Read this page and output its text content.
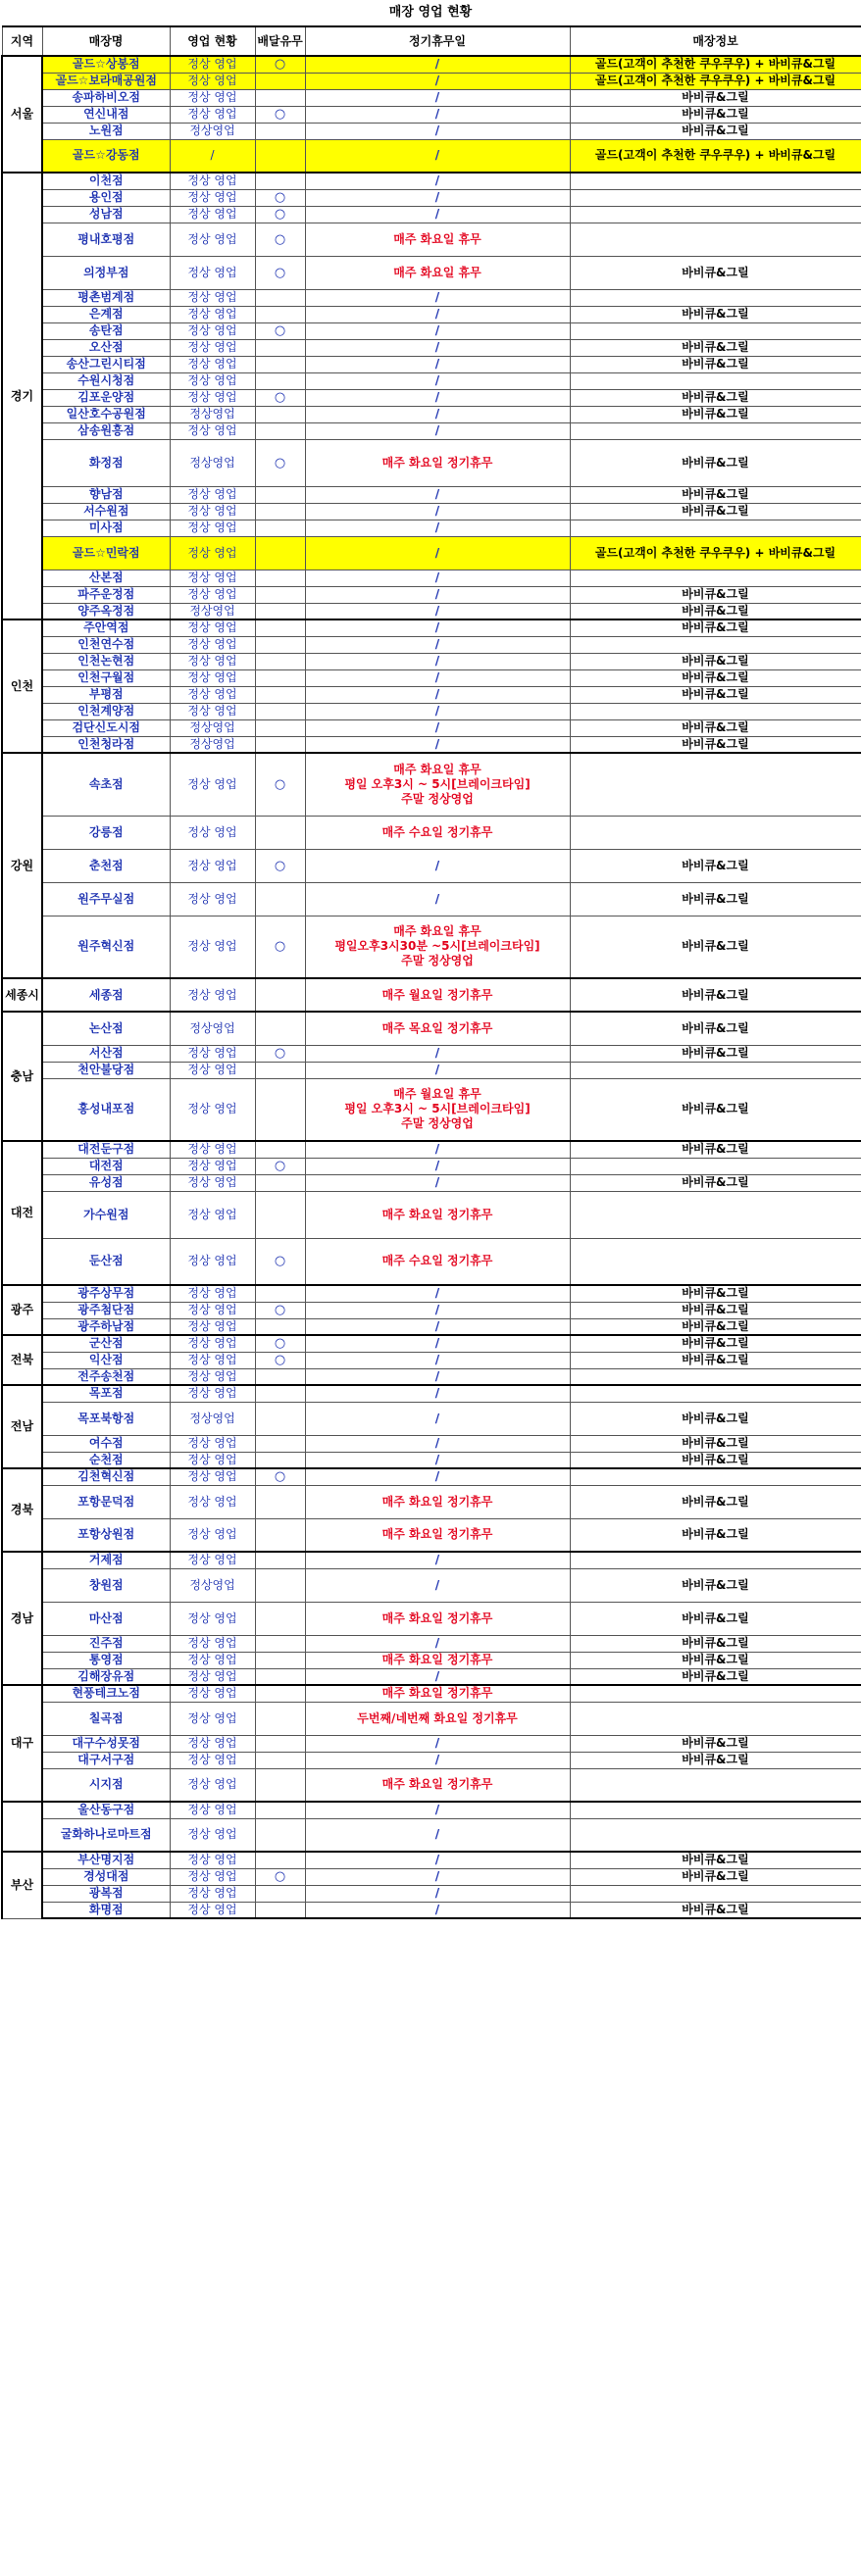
매장 영업 현황
지역	매장명	영업 현황	배달유무	정기휴무일	매장정보
서울	골드☆상봉점	정상 영업	○	/	골드(고객이 추천한 쿠우쿠우) + 바비큐&그릴
	골드☆보라매공원점	정상 영업		/	골드(고객이 추천한 쿠우쿠우) + 바비큐&그릴
	송파하비오점	정상 영업		/	바비큐&그릴
	연신내점	정상 영업	○	/	바비큐&그릴
	노원점	정상영업		/	바비큐&그릴
	골드☆강동점	/		/	골드(고객이 추천한 쿠우쿠우) + 바비큐&그릴
경기	이천점	정상 영업		/	
	용인점	정상 영업	○	/	
	성남점	정상 영업	○	/	
	평내호평점	정상 영업	○	매주 화요일 휴무	
	의정부점	정상 영업	○	매주 화요일 휴무	바비큐&그릴
	평촌범계점	정상 영업		/	
	은계점	정상 영업		/	바비큐&그릴
	송탄점	정상 영업	○	/	
	오산점	정상 영업		/	바비큐&그릴
	송산그린시티점	정상 영업		/	바비큐&그릴
	수원시청점	정상 영업		/	
	김포운양점	정상 영업	○	/	바비큐&그릴
	일산호수공원점	정상영업		/	바비큐&그릴
	삼송원흥점	정상 영업		/	
	화정점	정상영업	○	매주 화요일 정기휴무	바비큐&그릴
	향남점	정상 영업		/	바비큐&그릴
	서수원점	정상 영업		/	바비큐&그릴
	미사점	정상 영업		/	
	골드☆민락점	정상 영업		/	골드(고객이 추천한 쿠우쿠우) + 바비큐&그릴
	산본점	정상 영업		/	
	파주운정점	정상 영업		/	바비큐&그릴
	양주옥정점	정상영업		/	바비큐&그릴
인천	주안역점	정상 영업		/	바비큐&그릴
	인천연수점	정상 영업		/	
	인천논현점	정상 영업		/	바비큐&그릴
	인천구월점	정상 영업		/	바비큐&그릴
	부평점	정상 영업		/	바비큐&그릴
	인천계양점	정상 영업		/	
	검단신도시점	정상영업		/	바비큐&그릴
	인천청라점	정상영업		/	바비큐&그릴
강원	속초점	정상 영업	○	매주 화요일 휴무
평일 오후3시 ~ 5시[브레이크타임]
주말 정상영업	

	강릉점	정상 영업		매주 수요일 정기휴무	
	춘천점	정상 영업	○	/	바비큐&그릴
	원주무실점	정상 영업		/	바비큐&그릴
	원주혁신점	정상 영업	○	매주 화요일 휴무
평일오후3시30분 ~5시[브레이크타임]
주말 정상영업	바비큐&그릴
세종시	세종점	정상 영업		매주 월요일 정기휴무	바비큐&그릴
충남	논산점	정상영업		매주 목요일 정기휴무	바비큐&그릴
	서산점	정상 영업	○	/	바비큐&그릴
	천안불당점	정상 영업		/	
	홍성내포점	정상 영업		매주 월요일 휴무
평일 오후3시 ~ 5시[브레이크타임]
주말 정상영업	바비큐&그릴
대전	대전둔구점	정상 영업		/	바비큐&그릴
	대전점	정상 영업	○	/	
	유성점	정상 영업		/	바비큐&그릴
	가수원점	정상 영업		매주 화요일 정기휴무	
	둔산점	정상 영업	○	매주 수요일 정기휴무	
광주	광주상무점	정상 영업		/	바비큐&그릴
	광주첨단점	정상 영업	○	/	바비큐&그릴
	광주하남점	정상 영업		/	바비큐&그릴
전북	군산점	정상 영업	○	/	바비큐&그릴
	익산점	정상 영업	○	/	바비큐&그릴
	전주송천점	정상 영업		/	
전남	목포점	정상 영업		/	
	목포북항점	정상영업		/	바비큐&그릴
	여수점	정상 영업		/	바비큐&그릴
	순천점	정상 영업		/	바비큐&그릴
경북	김천혁신점	정상 영업	○	/	
	포항문덕점	정상 영업		매주 화요일 정기휴무	바비큐&그릴
	포항상원점	정상 영업		매주 화요일 정기휴무	바비큐&그릴
경남	거제점	정상 영업		/	
	창원점	정상영업		/	바비큐&그릴
	마산점	정상 영업		매주 화요일 정기휴무	바비큐&그릴
	진주점	정상 영업		/	바비큐&그릴
	통영점	정상 영업		매주 화요일 정기휴무	바비큐&그릴
	김해장유점	정상 영업		/	바비큐&그릴
대구	현풍테크노점	정상 영업		매주 화요일 정기휴무	
	칠곡점	정상 영업		두번째/네번째 화요일 정기휴무	
	대구수성못점	정상 영업		/	바비큐&그릴
	대구서구점	정상 영업		/	바비큐&그릴
	시지점	정상 영업		매주 화요일 정기휴무	
	울산동구점	정상 영업		/	
	굴화하나로마트점	정상 영업		/	
부산	부산명지점	정상 영업		/	바비큐&그릴
	경성대점	정상 영업	○	/	바비큐&그릴
	광복점	정상 영업		/	
	화명점	정상 영업		/	바비큐&그릴
